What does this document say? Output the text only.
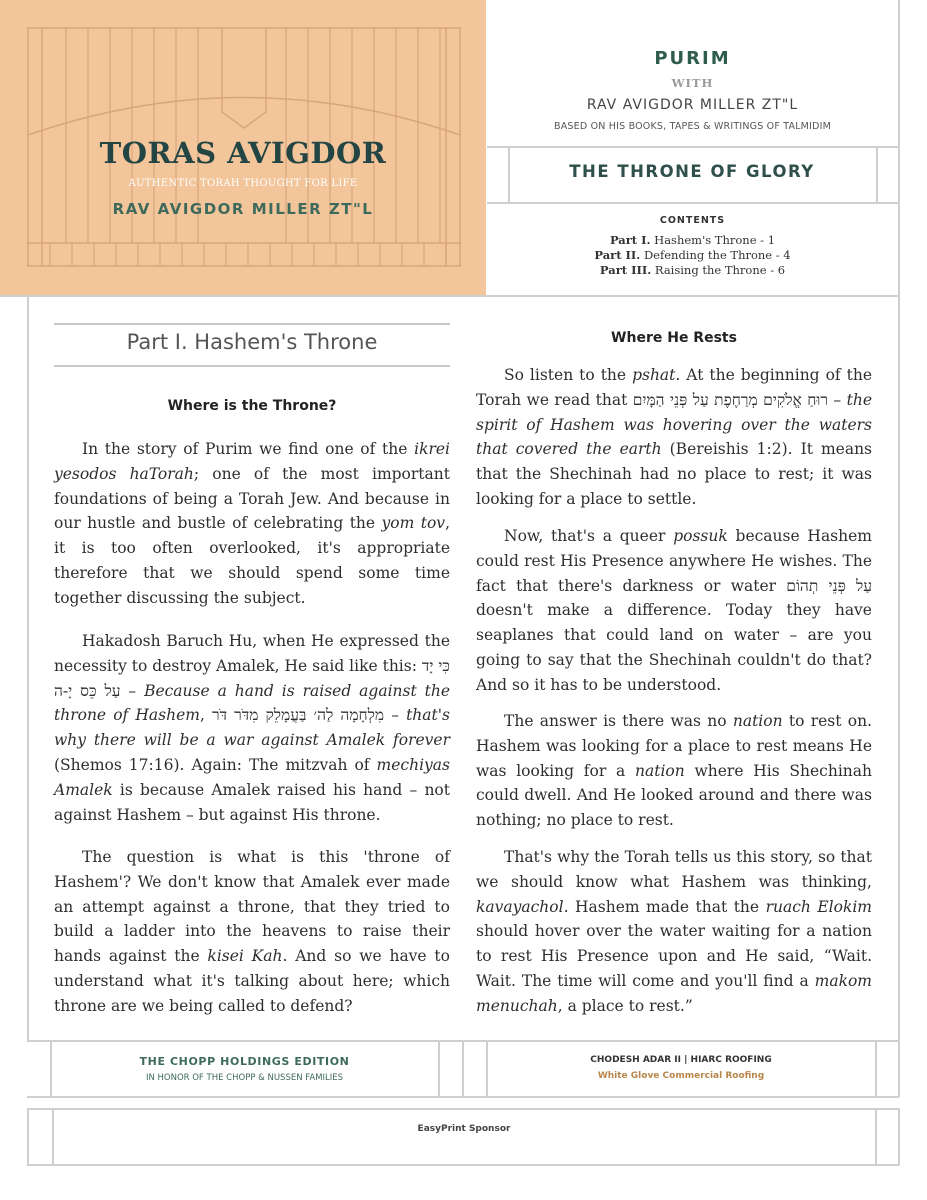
TORAS AVIGDOR
AUTHENTIC TORAH THOUGHT FOR LIFE
RAV AVIGDOR MILLER ZT"L
PURIM
WITH
RAV AVIGDOR MILLER ZT"L
BASED ON HIS BOOKS, TAPES & WRITINGS OF TALMIDIM
THE THRONE OF GLORY
CONTENTS
Part I. Hashem's Throne - 1
Part II. Defending the Throne - 4
Part III. Raising the Throne - 6
Part I. Hashem's Throne
Where is the Throne?

In the story of Purim we find one of the ikrei yesodos haTorah; one of the most important foundations of being a Torah Jew. And because in our hustle and bustle of celebrating the yom tov, it is too often overlooked, it's appropriate therefore that we should spend some time together discussing the subject.

Hakadosh Baruch Hu, when He expressed the necessity to destroy Amalek, He said like this: כִּי יָד עַל כֵּס יָ-ה – Because a hand is raised against the throne of Hashem, מִלְחָמָה לַה׳ בַּעֲמָלֵק מִדֹּר דֹּר – that's why there will be a war against Amalek forever (Shemos 17:16). Again: The mitzvah of mechiyas Amalek is because Amalek raised his hand – not against Hashem – but against His throne.

The question is what is this 'throne of Hashem'? We don't know that Amalek ever made an attempt against a throne, that they tried to build a ladder into the heavens to raise their hands against the kisei Kah. And so we have to understand what it's talking about here; which throne are we being called to defend?

Where He Rests

So listen to the pshat. At the beginning of the Torah we read that רוּחַ אֱלֹקִים מְרַחֶפֶת עַל פְּנֵי הַמָּיִם – the spirit of Hashem was hovering over the waters that covered the earth (Bereishis 1:2). It means that the Shechinah had no place to rest; it was looking for a place to settle.

Now, that's a queer possuk because Hashem could rest His Presence anywhere He wishes. The fact that there's darkness or water עַל פְּנֵי תְהוֹם doesn't make a difference. Today they have seaplanes that could land on water – are you going to say that the Shechinah couldn't do that? And so it has to be understood.

The answer is there was no nation to rest on. Hashem was looking for a place to rest means He was looking for a nation where His Shechinah could dwell. And He looked around and there was nothing; no place to rest.

That's why the Torah tells us this story, so that we should know what Hashem was thinking, kavayachol. Hashem made that the ruach Elokim should hover over the water waiting for a nation to rest His Presence upon and He said, “Wait. Wait. The time will come and you'll find a makom menuchah, a place to rest.”

THE CHOPP HOLDINGS EDITION
IN HONOR OF THE CHOPP & NUSSEN FAMILIES
CHODESH ADAR II | HIARC ROOFING
White Glove Commercial Roofing
EasyPrint Sponsor
